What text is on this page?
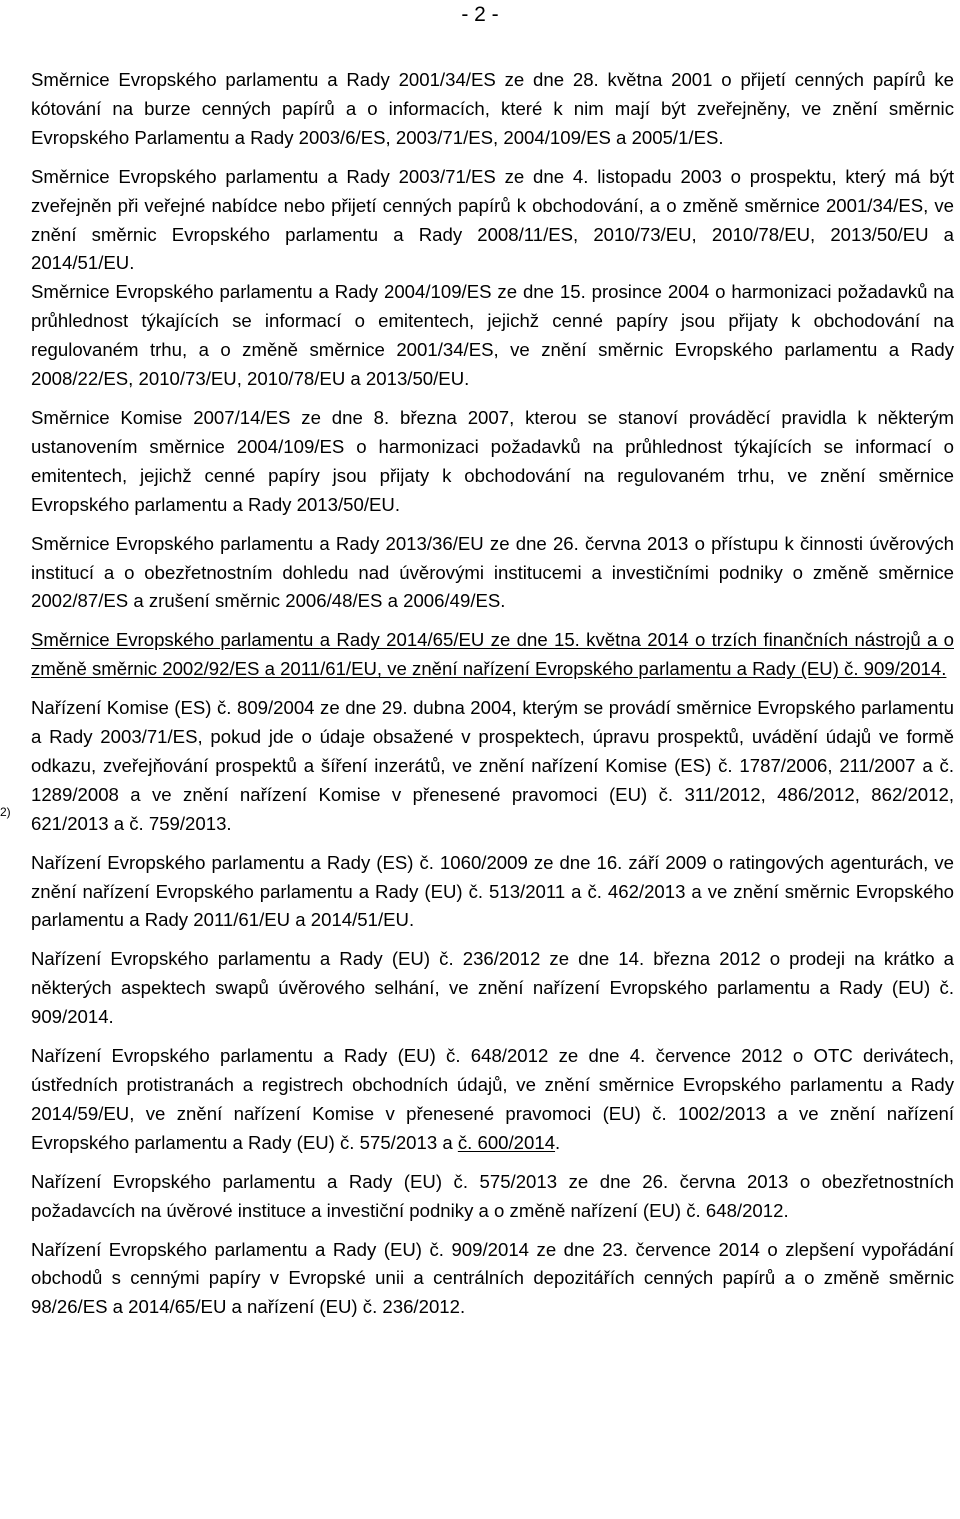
- 2 -
2)

Směrnice Evropského parlamentu a Rady 2001/34/ES ze dne 28. května 2001 o přijetí cenných papírů ke kótování na burze cenných papírů a o informacích, které k nim mají být zveřejněny, ve znění směrnic Evropského Parlamentu a Rady 2003/6/ES, 2003/71/ES, 2004/109/ES a 2005/1/ES.

Směrnice Evropského parlamentu a Rady 2003/71/ES ze dne 4. listopadu 2003 o prospektu, který má být zveřejněn při veřejné nabídce nebo přijetí cenných papírů k obchodování, a o změně směrnice 2001/34/ES, ve znění směrnic Evropského parlamentu a Rady 2008/11/ES, 2010/73/EU, 2010/78/EU, 2013/50/EU a 2014/51/EU.

Směrnice Evropského parlamentu a Rady 2004/109/ES ze dne 15. prosince 2004 o harmonizaci požadavků na průhlednost týkajících se informací o emitentech, jejichž cenné papíry jsou přijaty k obchodování na regulovaném trhu, a o změně směrnice 2001/34/ES, ve znění směrnic Evropského parlamentu a Rady 2008/22/ES, 2010/73/EU, 2010/78/EU a 2013/50/EU.

Směrnice Komise 2007/14/ES ze dne 8. března 2007, kterou se stanoví prováděcí pravidla k některým ustanovením směrnice 2004/109/ES o harmonizaci požadavků na průhlednost týkajících se informací o emitentech, jejichž cenné papíry jsou přijaty k obchodování na regulovaném trhu, ve znění směrnice Evropského parlamentu a Rady 2013/50/EU.

Směrnice Evropského parlamentu a Rady 2013/36/EU ze dne 26. června 2013 o přístupu k činnosti úvěrových institucí a o obezřetnostním dohledu nad úvěrovými institucemi a investičními podniky o změně směrnice 2002/87/ES a zrušení směrnic 2006/48/ES a 2006/49/ES.

Směrnice Evropského parlamentu a Rady 2014/65/EU ze dne 15. května 2014 o trzích finančních nástrojů a o změně směrnic 2002/92/ES a 2011/61/EU, ve znění nařízení Evropského parlamentu a Rady (EU) č. 909/2014.

Nařízení Komise (ES) č. 809/2004 ze dne 29. dubna 2004, kterým se provádí směrnice Evropského parlamentu a Rady 2003/71/ES, pokud jde o údaje obsažené v prospektech, úpravu prospektů, uvádění údajů ve formě odkazu, zveřejňování prospektů a šíření inzerátů, ve znění nařízení Komise (ES) č. 1787/2006, 211/2007 a č. 1289/2008 a ve znění nařízení Komise v přenesené pravomoci (EU) č. 311/2012, 486/2012, 862/2012, 621/2013 a č. 759/2013.

Nařízení Evropského parlamentu a Rady (ES) č. 1060/2009 ze dne 16. září 2009 o ratingových agenturách, ve znění nařízení Evropského parlamentu a Rady (EU) č. 513/2011 a č. 462/2013 a ve znění směrnic Evropského parlamentu a Rady 2011/61/EU a 2014/51/EU.

Nařízení Evropského parlamentu a Rady (EU) č. 236/2012 ze dne 14. března 2012 o prodeji na krátko a některých aspektech swapů úvěrového selhání, ve znění nařízení Evropského parlamentu a Rady (EU) č. 909/2014.

Nařízení Evropského parlamentu a Rady (EU) č. 648/2012 ze dne 4. července 2012 o OTC derivátech, ústředních protistranách a registrech obchodních údajů, ve znění směrnice Evropského parlamentu a Rady 2014/59/EU, ve znění nařízení Komise v přenesené pravomoci (EU) č. 1002/2013 a ve znění nařízení Evropského parlamentu a Rady (EU) č. 575/2013 a č. 600/2014.

Nařízení Evropského parlamentu a Rady (EU) č. 575/2013 ze dne 26. června 2013 o obezřetnostních požadavcích na úvěrové instituce a investiční podniky a o změně nařízení (EU) č. 648/2012.

Nařízení Evropského parlamentu a Rady (EU) č. 909/2014 ze dne 23. července 2014 o zlepšení vypořádání obchodů s cennými papíry v Evropské unii a centrálních depozitářích cenných papírů a o změně směrnic 98/26/ES a 2014/65/EU a nařízení (EU) č. 236/2012.
